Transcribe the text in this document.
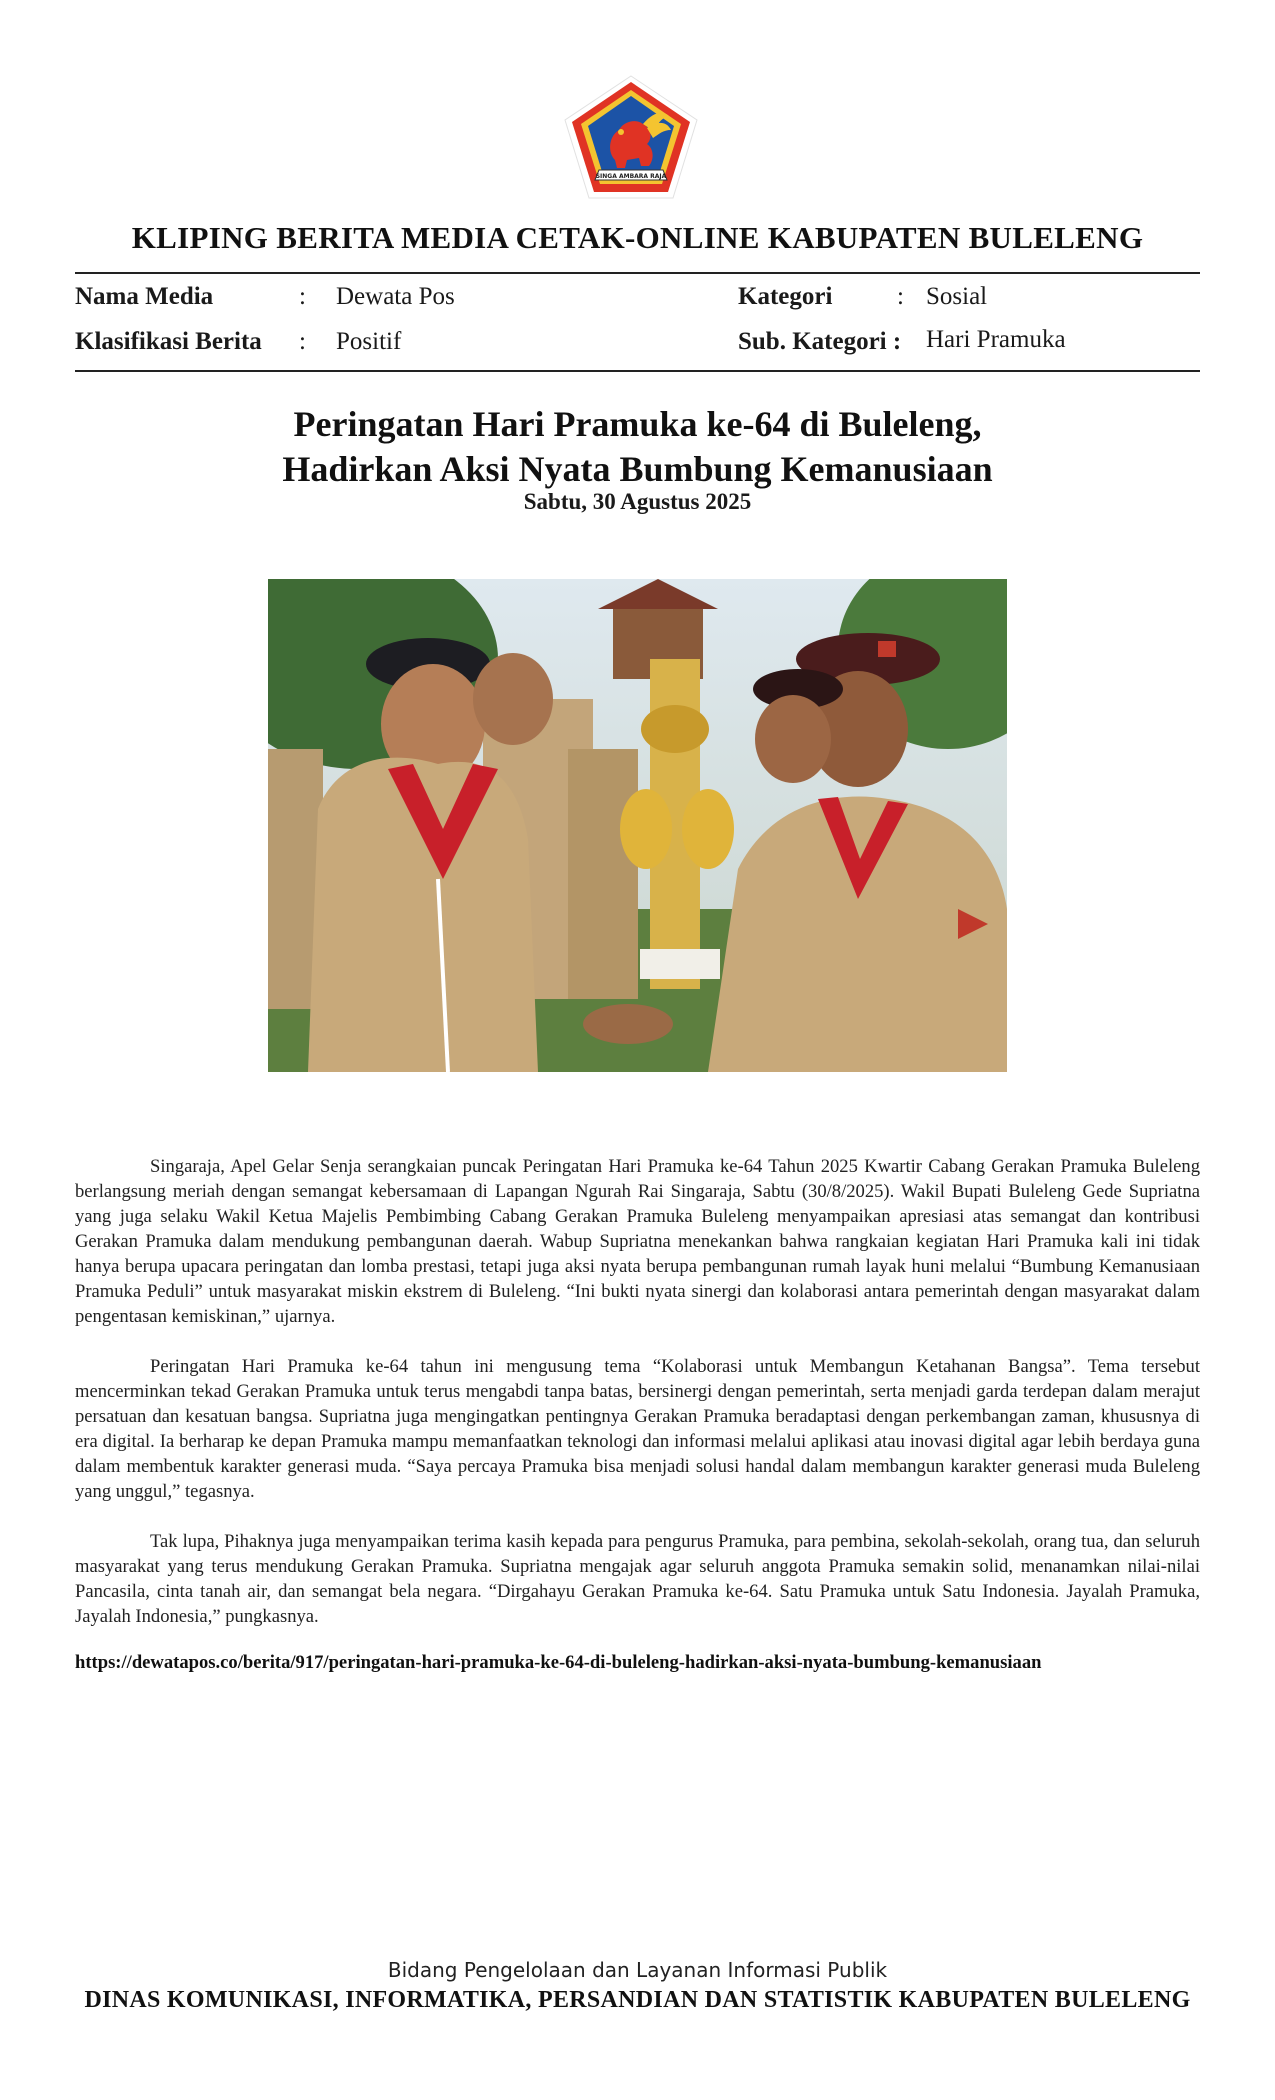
SINGA AMBARA RAJA
KLIPING BERITA MEDIA CETAK-ONLINE KABUPATEN BULELENG
Nama Media	: Dewata Pos	Kategori	: Sosial
Klasifikasi Berita : Positif	Sub. Kategori : Hari Pramuka
Peringatan Hari Pramuka ke-64 di Buleleng,
Hadirkan Aksi Nyata Bumbung Kemanusiaan
Sabtu, 30 Agustus 2025

Singaraja, Apel Gelar Senja serangkaian puncak Peringatan Hari Pramuka ke-64 Tahun 2025 Kwartir Cabang Gerakan Pramuka Buleleng berlangsung meriah dengan semangat kebersamaan di Lapangan Ngurah Rai Singaraja, Sabtu (30/8/2025). Wakil Bupati Buleleng Gede Supriatna yang juga selaku Wakil Ketua Majelis Pembimbing Cabang Gerakan Pramuka Buleleng menyampaikan apresiasi atas semangat dan kontribusi Gerakan Pramuka dalam mendukung pembangunan daerah. Wabup Supriatna menekankan bahwa rangkaian kegiatan Hari Pramuka kali ini tidak hanya berupa upacara peringatan dan lomba prestasi, tetapi juga aksi nyata berupa pembangunan rumah layak huni melalui “Bumbung Kemanusiaan Pramuka Peduli” untuk masyarakat miskin ekstrem di Buleleng. “Ini bukti nyata sinergi dan kolaborasi antara pemerintah dengan masyarakat dalam pengentasan kemiskinan,” ujarnya.

Peringatan Hari Pramuka ke-64 tahun ini mengusung tema “Kolaborasi untuk Membangun Ketahanan Bangsa”. Tema tersebut mencerminkan tekad Gerakan Pramuka untuk terus mengabdi tanpa batas, bersinergi dengan pemerintah, serta menjadi garda terdepan dalam merajut persatuan dan kesatuan bangsa. Supriatna juga mengingatkan pentingnya Gerakan Pramuka beradaptasi dengan perkembangan zaman, khususnya di era digital. Ia berharap ke depan Pramuka mampu memanfaatkan teknologi dan informasi melalui aplikasi atau inovasi digital agar lebih berdaya guna dalam membentuk karakter generasi muda. “Saya percaya Pramuka bisa menjadi solusi handal dalam membangun karakter generasi muda Buleleng yang unggul,” tegasnya.

Tak lupa, Pihaknya juga menyampaikan terima kasih kepada para pengurus Pramuka, para pembina, sekolah-sekolah, orang tua, dan seluruh masyarakat yang terus mendukung Gerakan Pramuka. Supriatna mengajak agar seluruh anggota Pramuka semakin solid, menanamkan nilai-nilai Pancasila, cinta tanah air, dan semangat bela negara. “Dirgahayu Gerakan Pramuka ke-64. Satu Pramuka untuk Satu Indonesia. Jayalah Pramuka, Jayalah Indonesia,” pungkasnya.

https://dewatapos.co/berita/917/peringatan-hari-pramuka-ke-64-di-buleleng-hadirkan-aksi-nyata-bumbung-kemanusiaan
Bidang Pengelolaan dan Layanan Informasi Publik
DINAS KOMUNIKASI, INFORMATIKA, PERSANDIAN DAN STATISTIK KABUPATEN BULELENG
